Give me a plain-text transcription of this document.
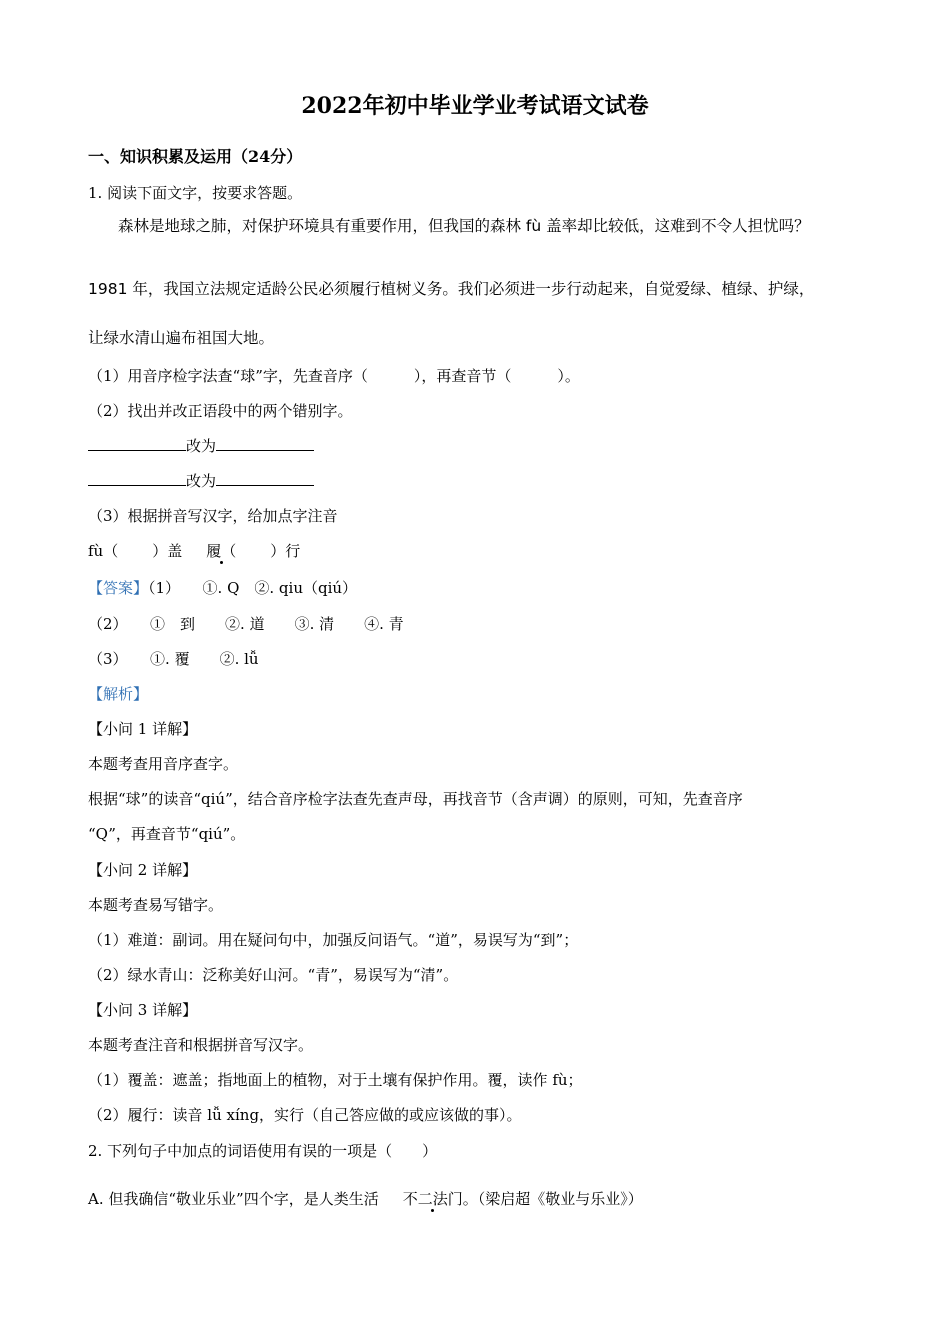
2022年初中毕业学业考试语文试卷
一、知识积累及运用（24分）
1. 阅读下面文字，按要求答题。
森林是地球之肺，对保护环境具有重要作用，但我国的森林 fù 盖率却比较低，这难到不令人担忧吗？
1981 年，我国立法规定适龄公民必须履行植树义务。我们必须进一步行动起来，自觉爱绿、植绿、护绿，
让绿水清山遍布祖国大地。
（1）用音序检字法查“球”字，先查音序（	），再查音节（	）。
（2）找出并改正语段中的两个错别字。
改为
改为
（3）根据拼音写汉字，给加点字注音
fù（ ）盖 履（ ）行
【答案】（1）　　①. Q　②. qiu（qiú）
（2）　　①　到　　②. 道　　③. 清　　④. 青
（3）　　①. 覆　　②. lǚ
【解析】
【小问 1 详解】
本题考查用音序查字。
根据“球”的读音“qiú”，结合音序检字法查先查声母，再找音节（含声调）的原则，可知，先查音序
“Q”，再查音节“qiú”。
【小问 2 详解】
本题考查易写错字。
（1）难道：副词。用在疑问句中，加强反问语气。“道”，易误写为“到”；
（2）绿水青山：泛称美好山河。“青”，易误写为“清”。
【小问 3 详解】
本题考查注音和根据拼音写汉字。
（1）覆盖：遮盖；指地面上的植物，对于土壤有保护作用。覆，读作 fù；
（2）履行：读音 lǚ xíng，实行（自己答应做的或应该做的事）。
2. 下列句子中加点的词语使用有误的一项是（　　）
A. 但我确信“敬业乐业”四个字，是人类生活 不二法门。（梁启超《敬业与乐业》）
